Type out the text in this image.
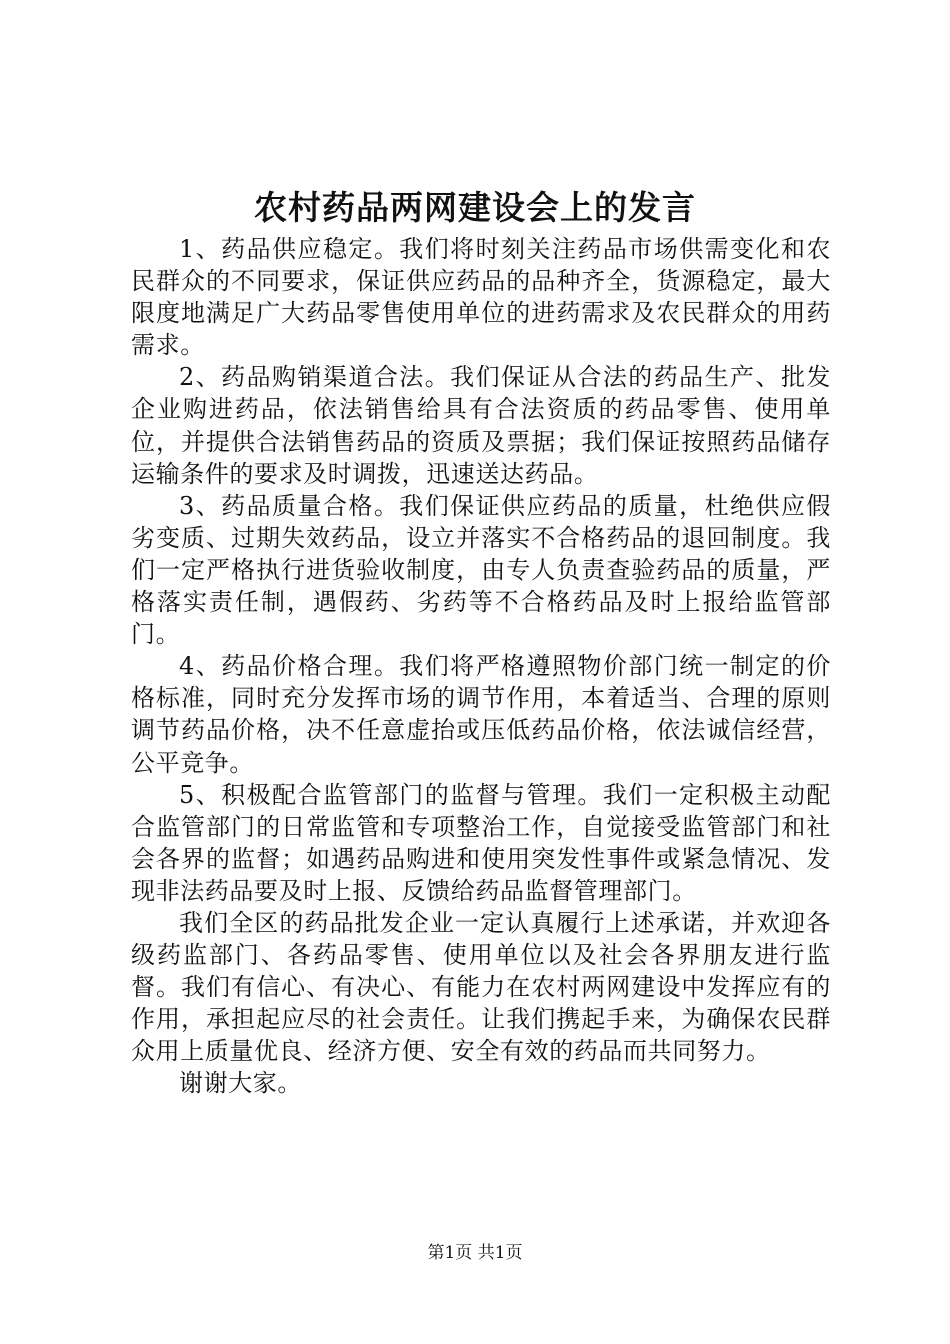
农村药品两网建设会上的发言

1、药品供应稳定。我们将时刻关注药品市场供需变化和农民群众的不同要求，保证供应药品的品种齐全，货源稳定，最大限度地满足广大药品零售使用单位的进药需求及农民群众的用药需求。

2、药品购销渠道合法。我们保证从合法的药品生产、批发企业购进药品，依法销售给具有合法资质的药品零售、使用单位，并提供合法销售药品的资质及票据；我们保证按照药品储存运输条件的要求及时调拨，迅速送达药品。

3、药品质量合格。我们保证供应药品的质量，杜绝供应假劣变质、过期失效药品，设立并落实不合格药品的退回制度。我们一定严格执行进货验收制度，由专人负责查验药品的质量，严格落实责任制，遇假药、劣药等不合格药品及时上报给监管部门。

4、药品价格合理。我们将严格遵照物价部门统一制定的价格标准，同时充分发挥市场的调节作用，本着适当、合理的原则调节药品价格，决不任意虚抬或压低药品价格，依法诚信经营，公平竞争。

5、积极配合监管部门的监督与管理。我们一定积极主动配合监管部门的日常监管和专项整治工作，自觉接受监管部门和社会各界的监督；如遇药品购进和使用突发性事件或紧急情况、发现非法药品要及时上报、反馈给药品监督管理部门。

我们全区的药品批发企业一定认真履行上述承诺，并欢迎各级药监部门、各药品零售、使用单位以及社会各界朋友进行监督。我们有信心、有决心、有能力在农村两网建设中发挥应有的作用，承担起应尽的社会责任。让我们携起手来，为确保农民群众用上质量优良、经济方便、安全有效的药品而共同努力。

谢谢大家。

第1页 共1页
